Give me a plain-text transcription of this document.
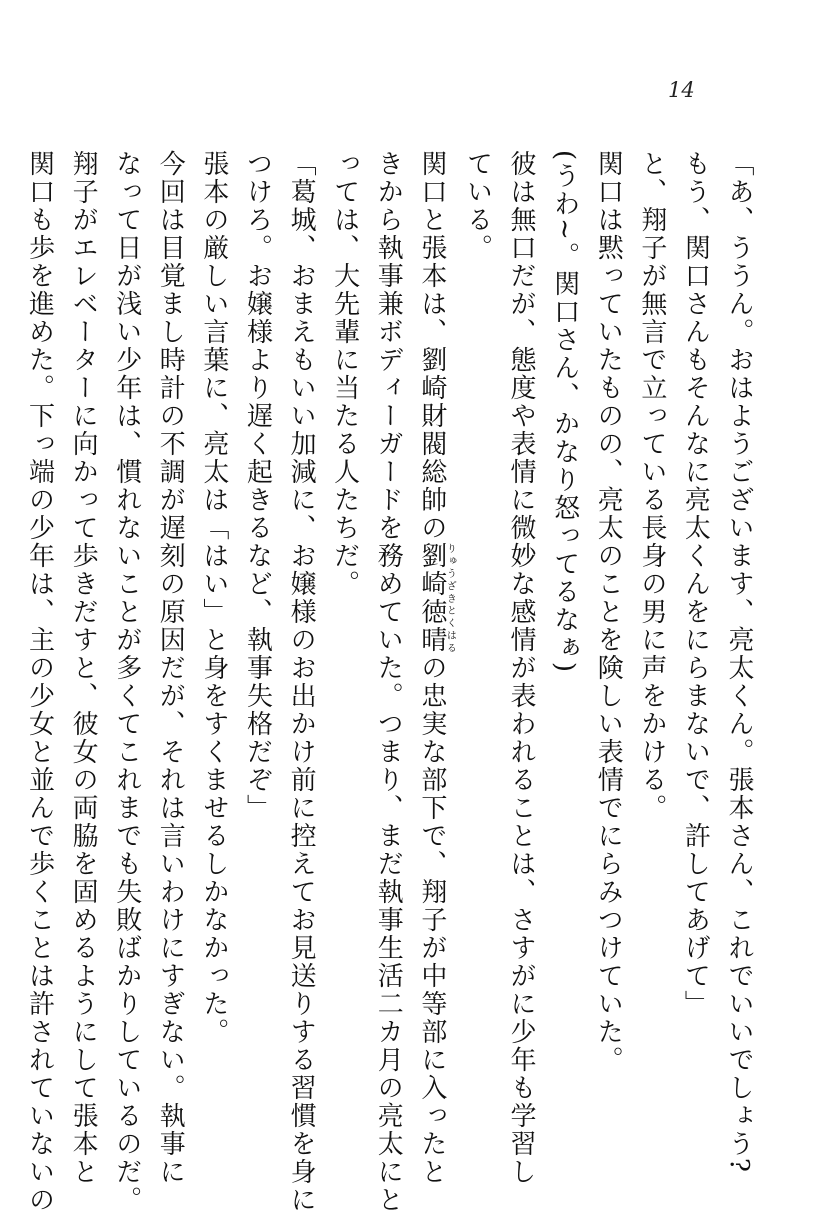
14
「あ、ううん。おはようございます、亮太くん。張本さん、これでいいでしょう?
もう、関口さんもそんなに亮太くんをにらまないで、許してあげて」
と、翔子が無言で立っている長身の男に声をかける。
関口は黙っていたものの、亮太のことを険しい表情でにらみつけていた。
(うわ~。関口さん、かなり怒ってるなぁ)
彼は無口だが、態度や表情に微妙な感情が表われることは、さすがに少年も学習し
ている。
関口と張本は、劉崎財閥総帥の劉崎徳晴りゅうざきとくはるの忠実な部下で、翔子が中等部に入ったと
きから執事兼ボディーガードを務めていた。つまり、まだ執事生活二カ月の亮太にと
っては、大先輩に当たる人たちだ。
「葛城、おまえもいい加減に、お嬢様のお出かけ前に控えてお見送りする習慣を身に
つけろ。お嬢様より遅く起きるなど、執事失格だぞ」
張本の厳しい言葉に、亮太は「はい」と身をすくませるしかなかった。
今回は目覚まし時計の不調が遅刻の原因だが、それは言いわけにすぎない。執事に
なって日が浅い少年は、慣れないことが多くてこれまでも失敗ばかりしているのだ。
翔子がエレベーターに向かって歩きだすと、彼女の両脇を固めるようにして張本と
関口も歩を進めた。下っ端の少年は、主の少女と並んで歩くことは許されていないの
